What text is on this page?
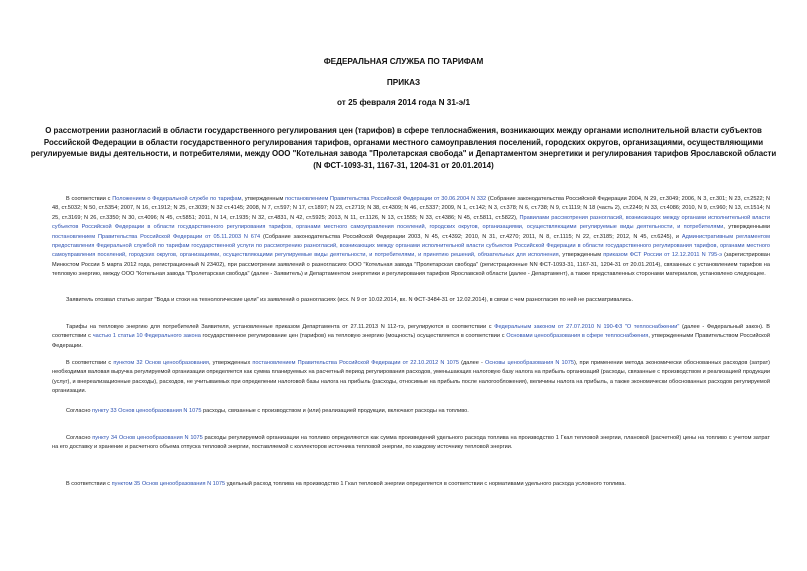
ФЕДЕРАЛЬНАЯ СЛУЖБА ПО ТАРИФАМ
ПРИКАЗ
от 25 февраля 2014 года N 31-э/1
О рассмотрении разногласий в области государственного регулирования цен (тарифов) в сфере теплоснабжения, возникающих между органами исполнительной власти субъектов Российской Федерации в области государственного регулирования тарифов, органами местного самоуправления поселений, городских округов, организациями, осуществляющими регулируемые виды деятельности, и потребителями, между ООО "Котельная завода "Пролетарская свобода" и Департаментом энергетики и регулирования тарифов Ярославской области (N ФСТ-1093-31, 1167-31, 1204-31 от 20.01.2014)

В соответствии с Положением о Федеральной службе по тарифам, утвержденным постановлением Правительства Российской Федерации от 30.06.2004 N 332 (Собрание законодательства Российской Федерации 2004, N 29, ст.3049; 2006, N 3, ст.301; N 23, ст.2522; N 48, ст.5032; N 50, ст.5354; 2007, N 16, ст.1912; N 25, ст.3039; N 32 ст.4145; 2008, N 7, ст.597; N 17, ст.1897; N 23, ст.2719; N 38, ст.4309; N 46, ст.5337; 2009, N 1, ст.142; N 3, ст.378; N 6, ст.738; N 9, ст.1119; N 18 (часть 2), ст.2249; N 33, ст.4086; 2010, N 9, ст.960; N 13, ст.1514; N 25, ст.3169; N 26, ст.3350; N 30, ст.4096; N 45, ст.5851; 2011, N 14, ст.1935; N 32, ст.4831, N 42, ст.5925; 2013, N 11, ст.1126, N 13, ст.1555; N 33, ст.4386; N 45, ст.5811, ст.5822), Правилами рассмотрения разногласий, возникающих между органами исполнительной власти субъектов Российской Федерации в области государственного регулирования тарифов, органами местного самоуправления поселений, городских округов, организациями, осуществляющими регулируемые виды деятельности, и потребителями, утвержденными постановлением Правительства Российской Федерации от 05.11.2003 N 674 (Собрание законодательства Российской Федерации 2003, N 45, ст.4392; 2010, N 31, ст.4270; 2011, N 8, ст.1115; N 22, ст.3185; 2012, N 45, ст.6245), и Административным регламентом предоставления Федеральной службой по тарифам государственной услуги по рассмотрению разногласий, возникающих между органами исполнительной власти субъектов Российской Федерации в области государственного регулирования тарифов, органами местного самоуправления поселений, городских округов, организациями, осуществляющими регулируемые виды деятельности, и потребителями, и принятию решений, обязательных для исполнения, утвержденным приказом ФСТ России от 12.12.2011 N 795-э (зарегистрирован Минюстом России 5 марта 2012 года, регистрационный N 23402), при рассмотрении заявлений о разногласиях ООО "Котельная завода "Пролетарская свобода" (регистрационные NN ФСТ-1093-31, 1167-31, 1204-31 от 20.01.2014), связанных с установлением тарифов на тепловую энергию, между ООО "Котельная завода "Пролетарская свобода" (далее - Заявитель) и Департаментом энергетики и регулирования тарифов Ярославской области (далее - Департамент), а также представленных сторонами материалов, установлено следующее.

Заявитель отозвал статью затрат "Вода и стоки на технологические цели" из заявлений о разногласиях (исх. N 9 от 10.02.2014, вх. N ФСТ-3484-31 от 12.02.2014), в связи с чем разногласия по ней не рассматривались.

Тарифы на тепловую энергию для потребителей Заявителя, установленные приказом Департамента от 27.11.2013 N 112-тэ, регулируются в соответствии с Федеральным законом от 27.07.2010 N 190-ФЗ "О теплоснабжении" (далее - Федеральный закон). В соответствии с частью 1 статьи 10 Федерального закона государственное регулирование цен (тарифов) на тепловую энергию (мощность) осуществляется в соответствии с Основами ценообразования в сфере теплоснабжения, утвержденными Правительством Российской Федерации.

В соответствии с пунктом 32 Основ ценообразования, утвержденных постановлением Правительства Российской Федерации от 22.10.2012 N 1075 (далее - Основы ценообразования N 1075), при применении метода экономически обоснованных расходов (затрат) необходимая валовая выручка регулируемой организации определяется как сумма планируемых на расчетный период регулирования расходов, уменьшающих налоговую базу налога на прибыль организаций (расходы, связанные с производством и реализацией продукции (услуг), и внереализационные расходы), расходов, не учитываемых при определении налоговой базы налога на прибыль (расходы, относимые на прибыль после налогообложения), величины налога на прибыль, а также экономически обоснованных расходов регулируемой организации.

Согласно пункту 33 Основ ценообразования N 1075 расходы, связанные с производством и (или) реализацией продукции, включают расходы на топливо.

Согласно пункту 34 Основ ценообразования N 1075 расходы регулируемой организации на топливо определяются как сумма произведений удельного расхода топлива на производство 1 Гкал тепловой энергии, плановой (расчетной) цены на топливо с учетом затрат на его доставку и хранение и расчетного объема отпуска тепловой энергии, поставляемой с коллекторов источника тепловой энергии, по каждому источнику тепловой энергии.

В соответствии с пунктом 35 Основ ценообразования N 1075 удельный расход топлива на производство 1 Гкал тепловой энергии определяется в соответствии с нормативами удельного расхода условного топлива.
